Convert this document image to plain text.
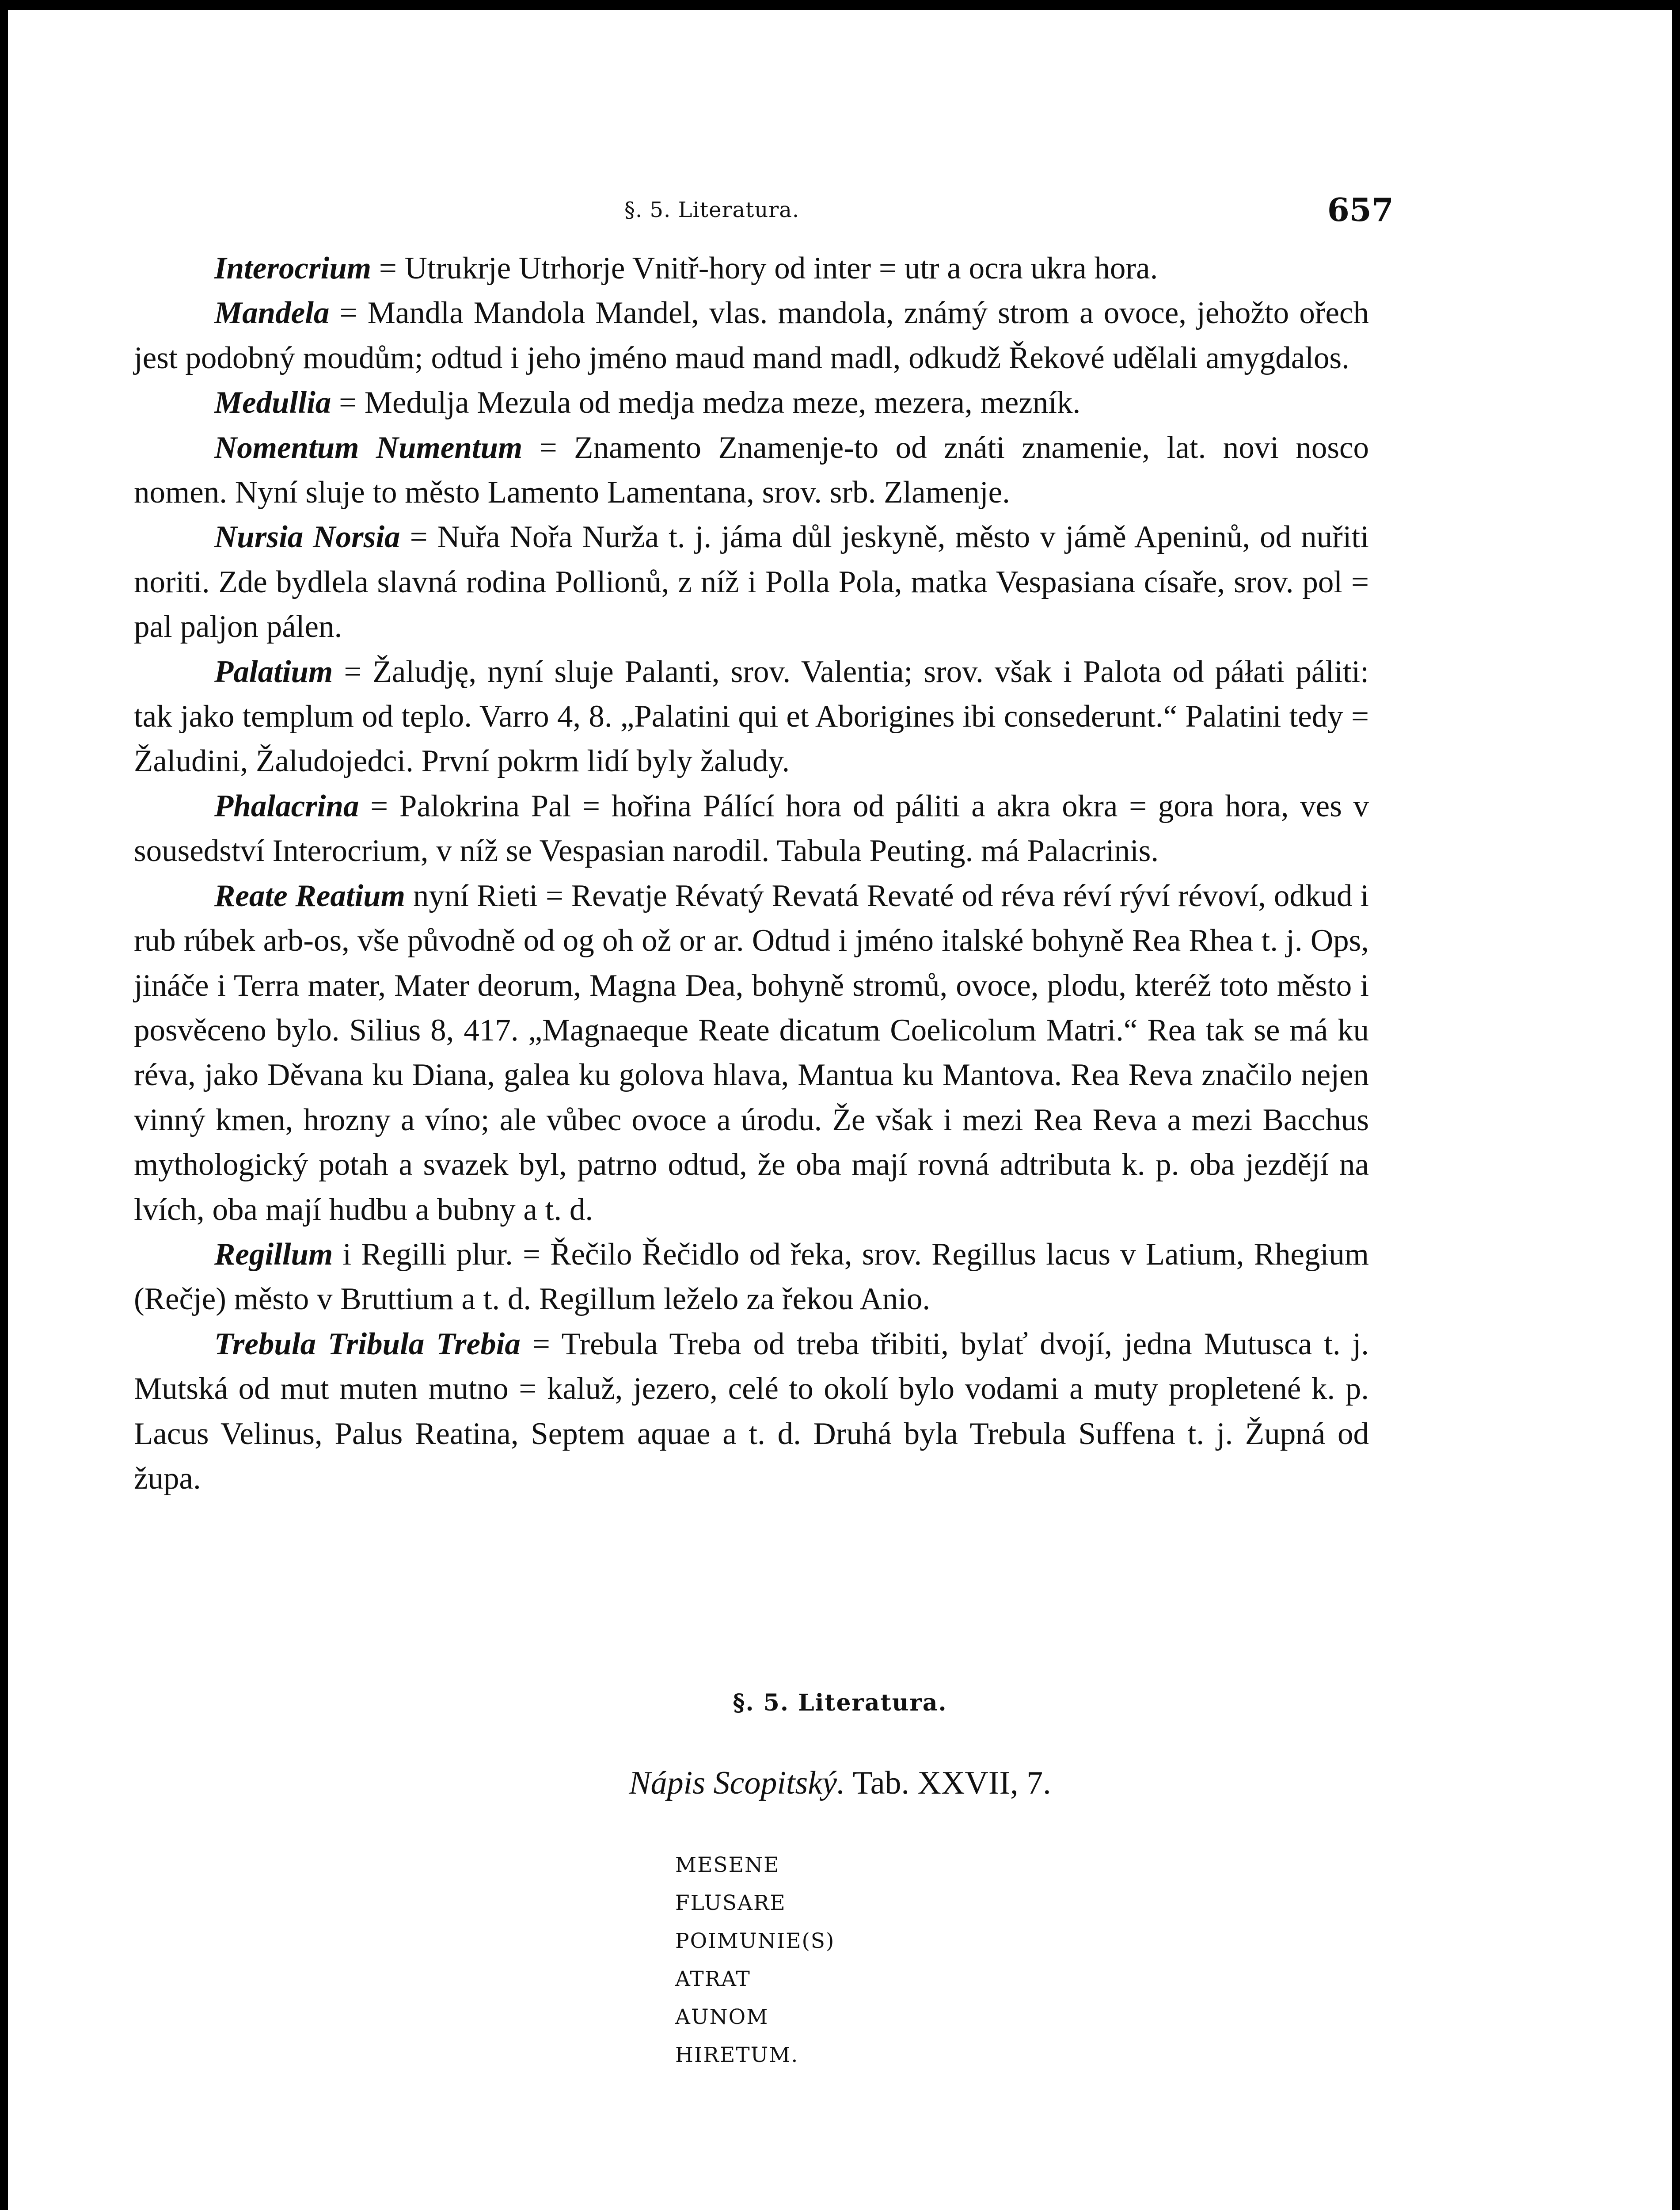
§. 5. Literatura.	657

Interocrium = Utrukrje Utrhorje Vnitř-hory od inter = utr a ocra ukra hora.

Mandela = Mandla Mandola Mandel, vlas. mandola, známý strom a ovoce, jehožto ořech jest podobný moudům; odtud i jeho jméno maud mand madl, odkudž Řekové udělali amygdalos.

Medullia = Medulja Mezula od medja medza meze, mezera, mezník.

Nomentum Numentum = Znamento Znamenje-to od znáti znamenie, lat. novi nosco nomen. Nyní sluje to město Lamento Lamentana, srov. srb. Zlamenje.

Nursia Norsia = Nuřa Nořa Nurža t. j. jáma důl jeskyně, město v jámě Apeninů, od nuřiti noriti. Zde bydlela slavná rodina Pollionů, z níž i Polla Pola, matka Vespasiana císaře, srov. pol = pal paljon pálen.

Palatium = Žaludję, nyní sluje Palanti, srov. Valentia; srov. však i Palota od páłati páliti: tak jako templum od teplo. Varro 4, 8. „Palatini qui et Aborigines ibi consederunt.“ Palatini tedy = Žaludini, Žaludojedci. První pokrm lidí byly žaludy.

Phalacrina = Palokrina Pal = hořina Pálící hora od páliti a akra okra = gora hora, ves v sousedství Interocrium, v níž se Vespasian narodil. Tabula Peuting. má Palacrinis.

Reate Reatium nyní Rieti = Revatje Révatý Revatá Revaté od réva réví rýví révoví, odkud i rub rúbek arb-os, vše původně od og oh ož or ar. Odtud i jméno italské bohyně Rea Rhea t. j. Ops, jináče i Terra mater, Mater deorum, Magna Dea, bohyně stromů, ovoce, plodu, kteréž toto město i posvěceno bylo. Silius 8, 417. „Magnaeque Reate dicatum Coelicolum Matri.“ Rea tak se má ku réva, jako Děvana ku Diana, galea ku golova hlava, Mantua ku Mantova. Rea Reva značilo nejen vinný kmen, hrozny a víno; ale vůbec ovoce a úrodu. Že však i mezi Rea Reva a mezi Bacchus mythologický potah a svazek byl, patrno odtud, že oba mají rovná adtributa k. p. oba jezdějí na lvích, oba mají hudbu a bubny a t. d.

Regillum i Regilli plur. = Řečilo Řečidlo od řeka, srov. Regillus lacus v Latium, Rhegium (Rečje) město v Bruttium a t. d. Regillum leželo za řekou Anio.

Trebula Tribula Trebia = Trebula Treba od treba třibiti, bylať dvojí, jedna Mutusca t. j. Mutská od mut muten mutno = kaluž, jezero, celé to okolí bylo vodami a muty propletené k. p. Lacus Velinus, Palus Reatina, Septem aquae a t. d. Druhá byla Trebula Suffena t. j. Župná od župa.

§. 5. Literatura.
Nápis Scopitský. Tab. XXVII, 7.
MESENE
FLUSARE
POIMUNIE(S)
ATRAT
AUNOM
HIRETUM.
